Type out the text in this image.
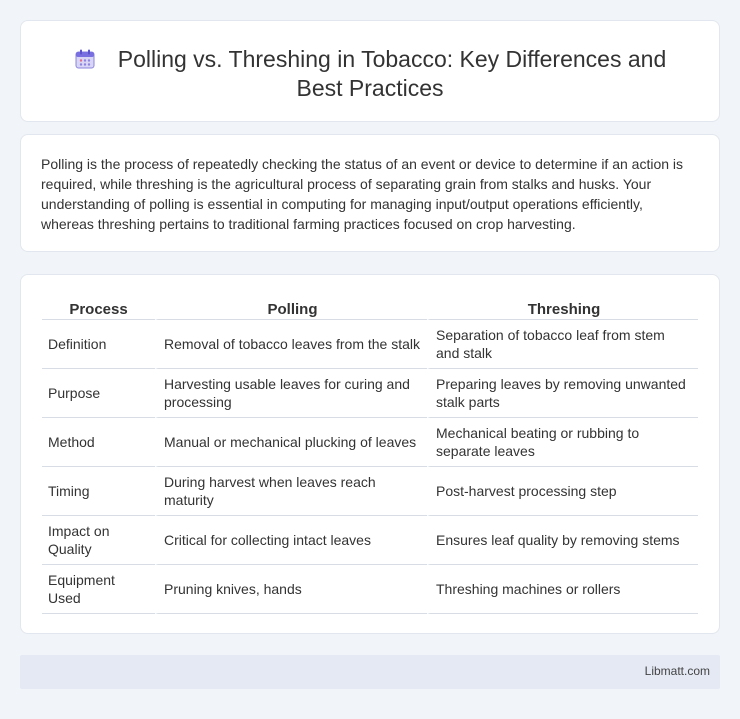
Polling vs. Threshing in Tobacco: Key Differences and Best Practices

Polling is the process of repeatedly checking the status of an event or device to determine if an action is required, while threshing is the agricultural process of separating grain from stalks and husks. Your understanding of polling is essential in computing for managing input/output operations efficiently, whereas threshing pertains to traditional farming practices focused on crop harvesting.

Process	Polling	Threshing
Definition	Removal of tobacco leaves from the stalk	Separation of tobacco leaf from stem and stalk
Purpose	Harvesting usable leaves for curing and processing	Preparing leaves by removing unwanted stalk parts
Method	Manual or mechanical plucking of leaves	Mechanical beating or rubbing to separate leaves
Timing	During harvest when leaves reach maturity	Post-harvest processing step
Impact on Quality	Critical for collecting intact leaves	Ensures leaf quality by removing stems
Equipment Used	Pruning knives, hands	Threshing machines or rollers
Libmatt.com
